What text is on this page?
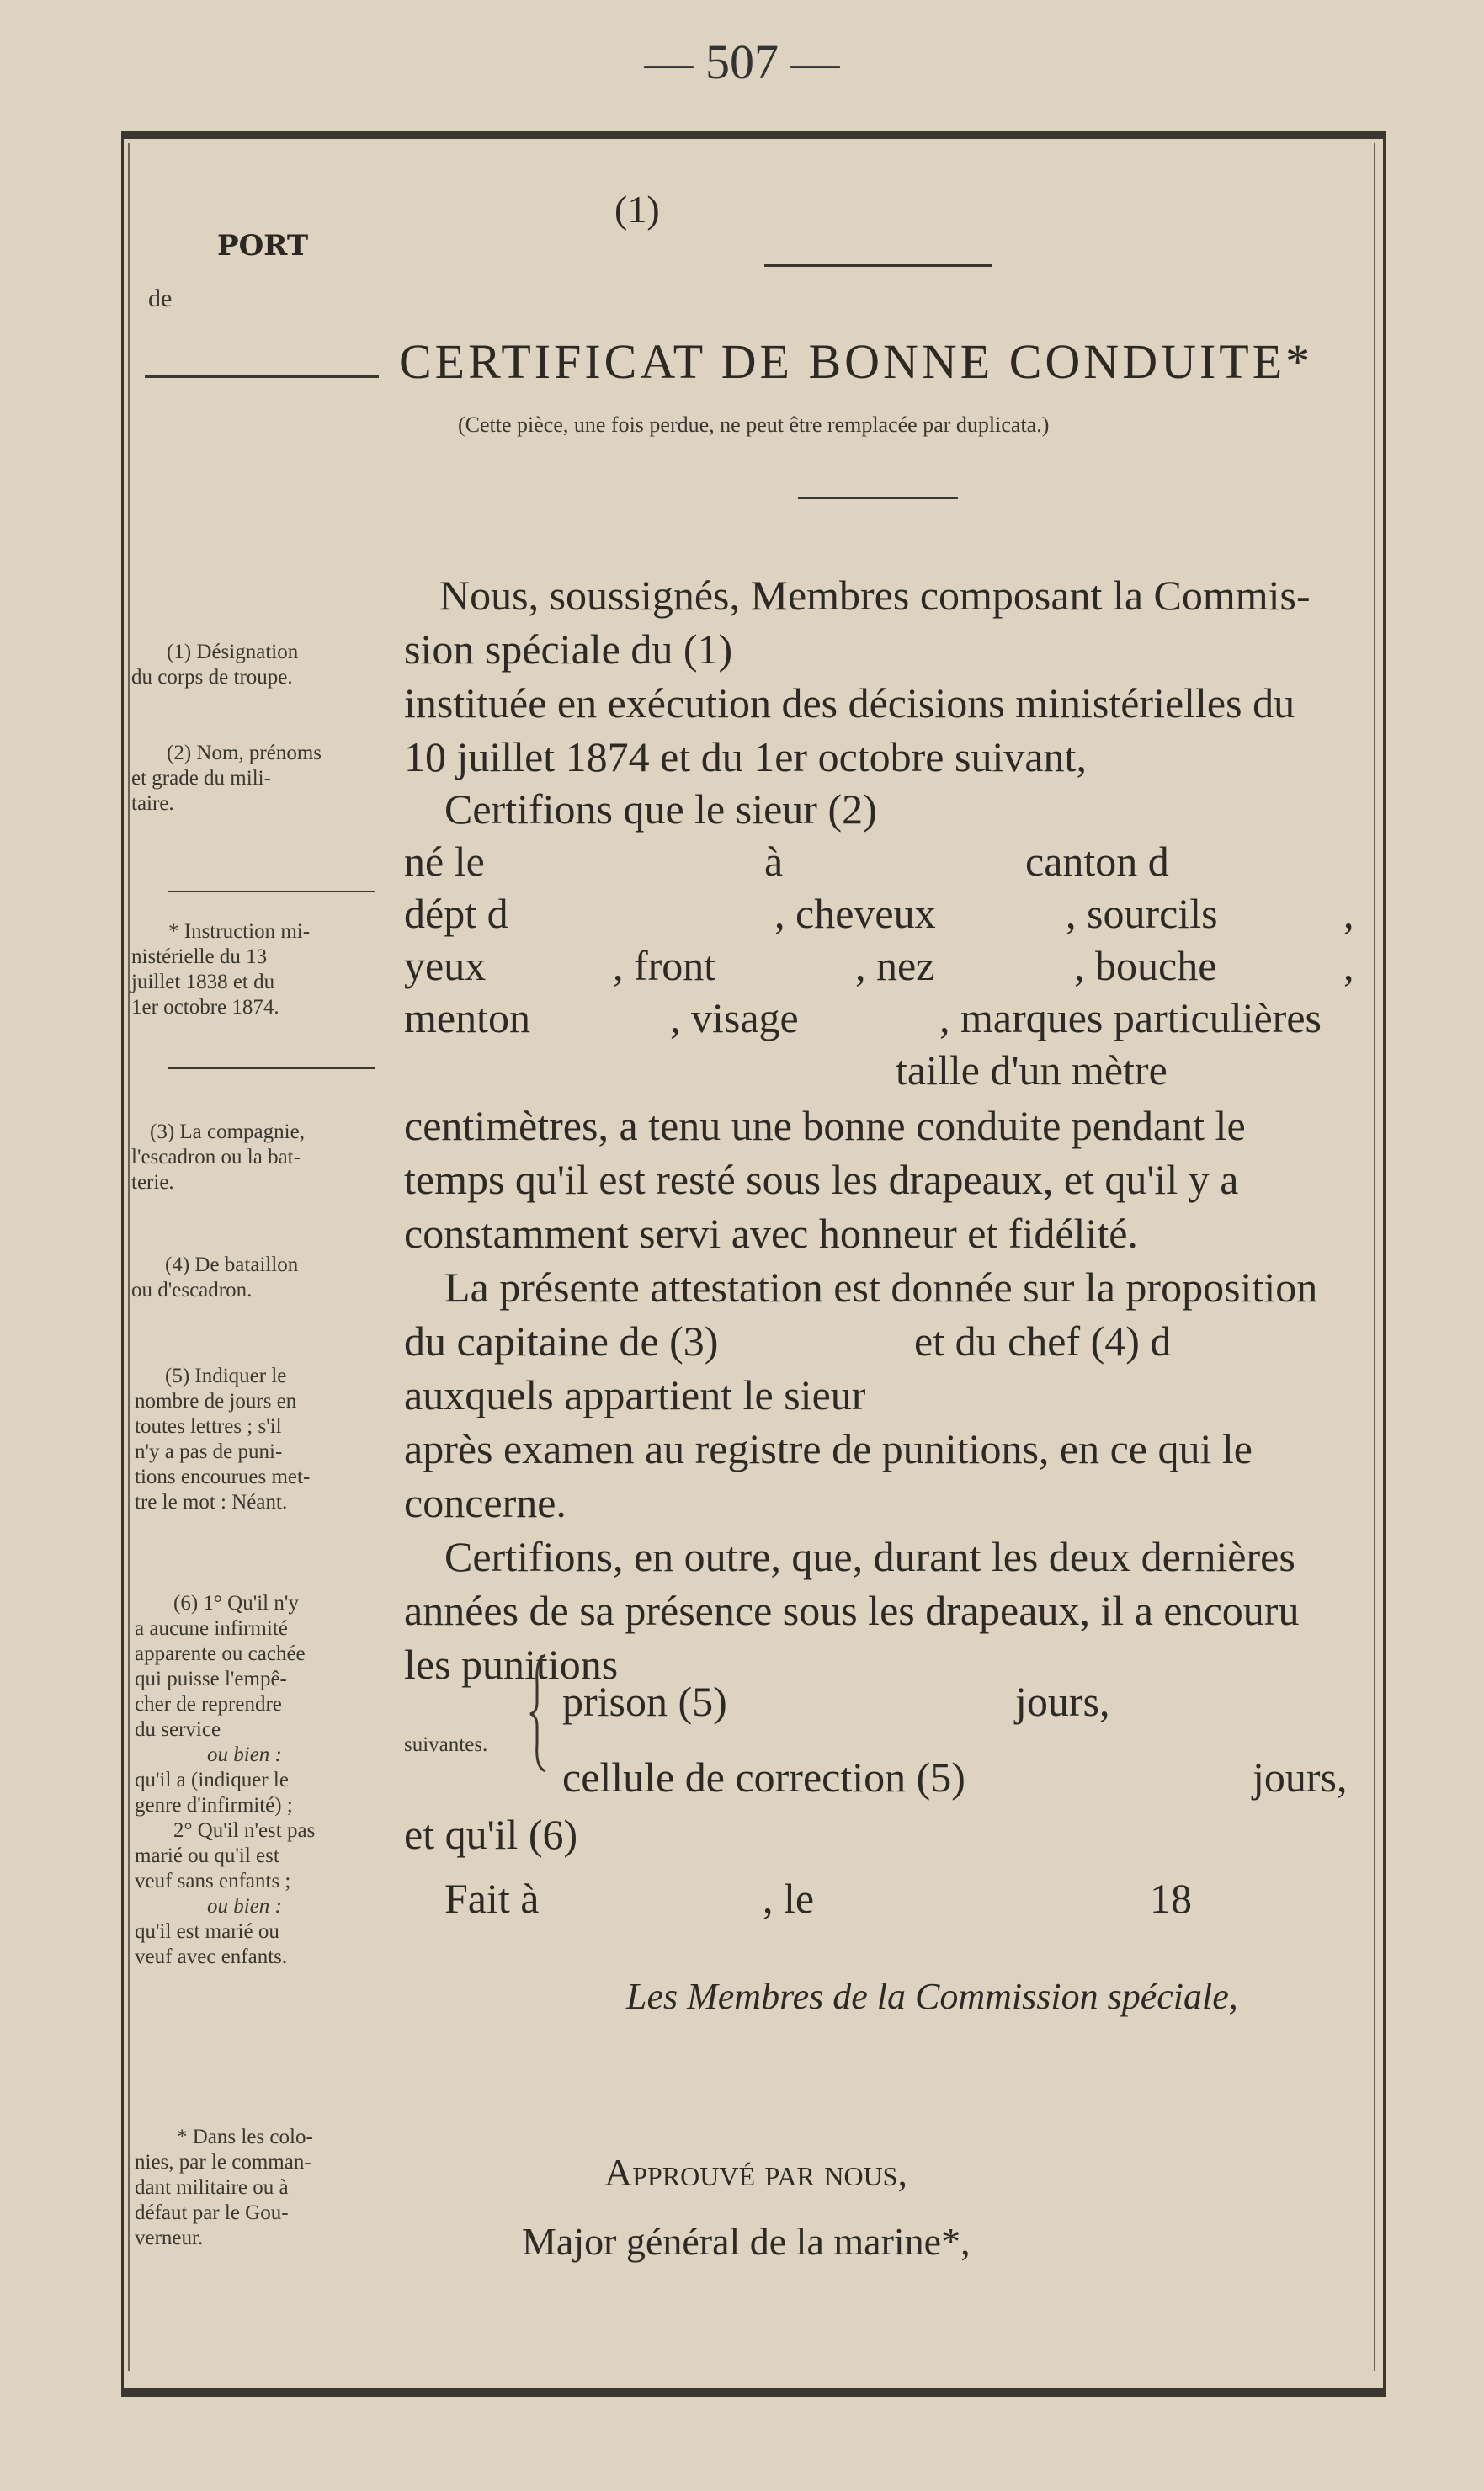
— 507 —
(1)
PORT
de
CERTIFICAT DE BONNE CONDUITE*
(Cette pièce, une fois perdue, ne peut être remplacée par duplicata.)
(1) Désignation
du corps de troupe.
(2) Nom, prénoms
et grade du mili-
taire.
* Instruction mi-
nistérielle du 13
juillet 1838 et du
1er octobre 1874.
(3) La compagnie,
l'escadron ou la bat-
terie.
(4) De bataillon
ou d'escadron.
(5) Indiquer le
nombre de jours en
toutes lettres ; s'il
n'y a pas de puni-
tions encourues met-
tre le mot : Néant.
(6) 1° Qu'il n'y
a aucune infirmité
apparente ou cachée
qui puisse l'empê-
cher de reprendre
du service
ou bien :
qu'il a (indiquer le
genre d'infirmité) ;
2° Qu'il n'est pas
marié ou qu'il est
veuf sans enfants ;
ou bien :
qu'il est marié ou
veuf avec enfants.
* Dans les colo-
nies, par le comman-
dant militaire ou à
défaut par le Gou-
verneur.
suivantes.
Nous, soussignés, Membres composant la Commis-
sion spéciale du (1)
instituée en exécution des décisions ministérielles du
10 juillet 1874 et du 1er octobre suivant,
Certifions que le sieur (2)
né le	à	canton d
dépt d	, cheveux	, sourcils	,
yeux	, front	, nez	, bouche	,
menton	, visage	, marques particulières
taille d'un mètre
centimètres, a tenu une bonne conduite pendant le
temps qu'il est resté sous les drapeaux, et qu'il y a
constamment servi avec honneur et fidélité.
La présente attestation est donnée sur la proposition
du capitaine de (3)	et du chef (4) d
auxquels appartient le sieur
après examen au registre de punitions, en ce qui le
concerne.
Certifions, en outre, que, durant les deux dernières
années de sa présence sous les drapeaux, il a encouru
les punitions
prison (5)	jours,
cellule de correction (5)	jours,
et qu'il (6)
Fait à	, le	18
Les Membres de la Commission spéciale,
Approuvé par nous,
Major général de la marine*,
